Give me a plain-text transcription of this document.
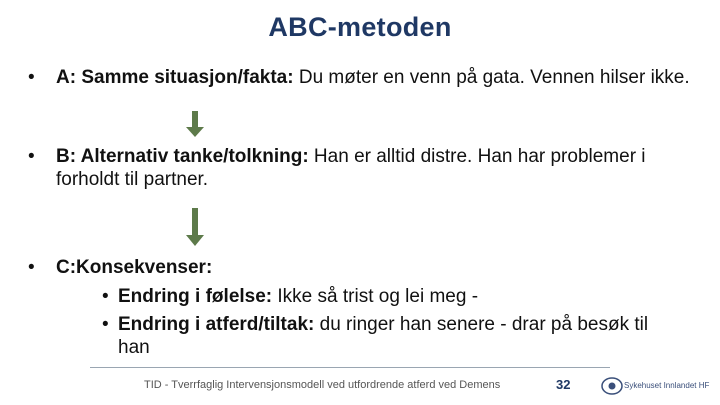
ABC-metoden
• A: Samme situasjon/fakta: Du møter en venn på gata. Vennen hilser ikke.
• B: Alternativ tanke/tolkning: Han er alltid distre. Han har problemer i forholdt til partner.
• C:Konsekvenser:
• Endring i følelse: Ikke så trist og lei meg -
• Endring i atferd/tiltak: du ringer han senere - drar på besøk til han
TID - Tverrfaglig Intervensjonsmodell ved utfordrende atferd ved Demens	32	Sykehuset Innlandet HF
